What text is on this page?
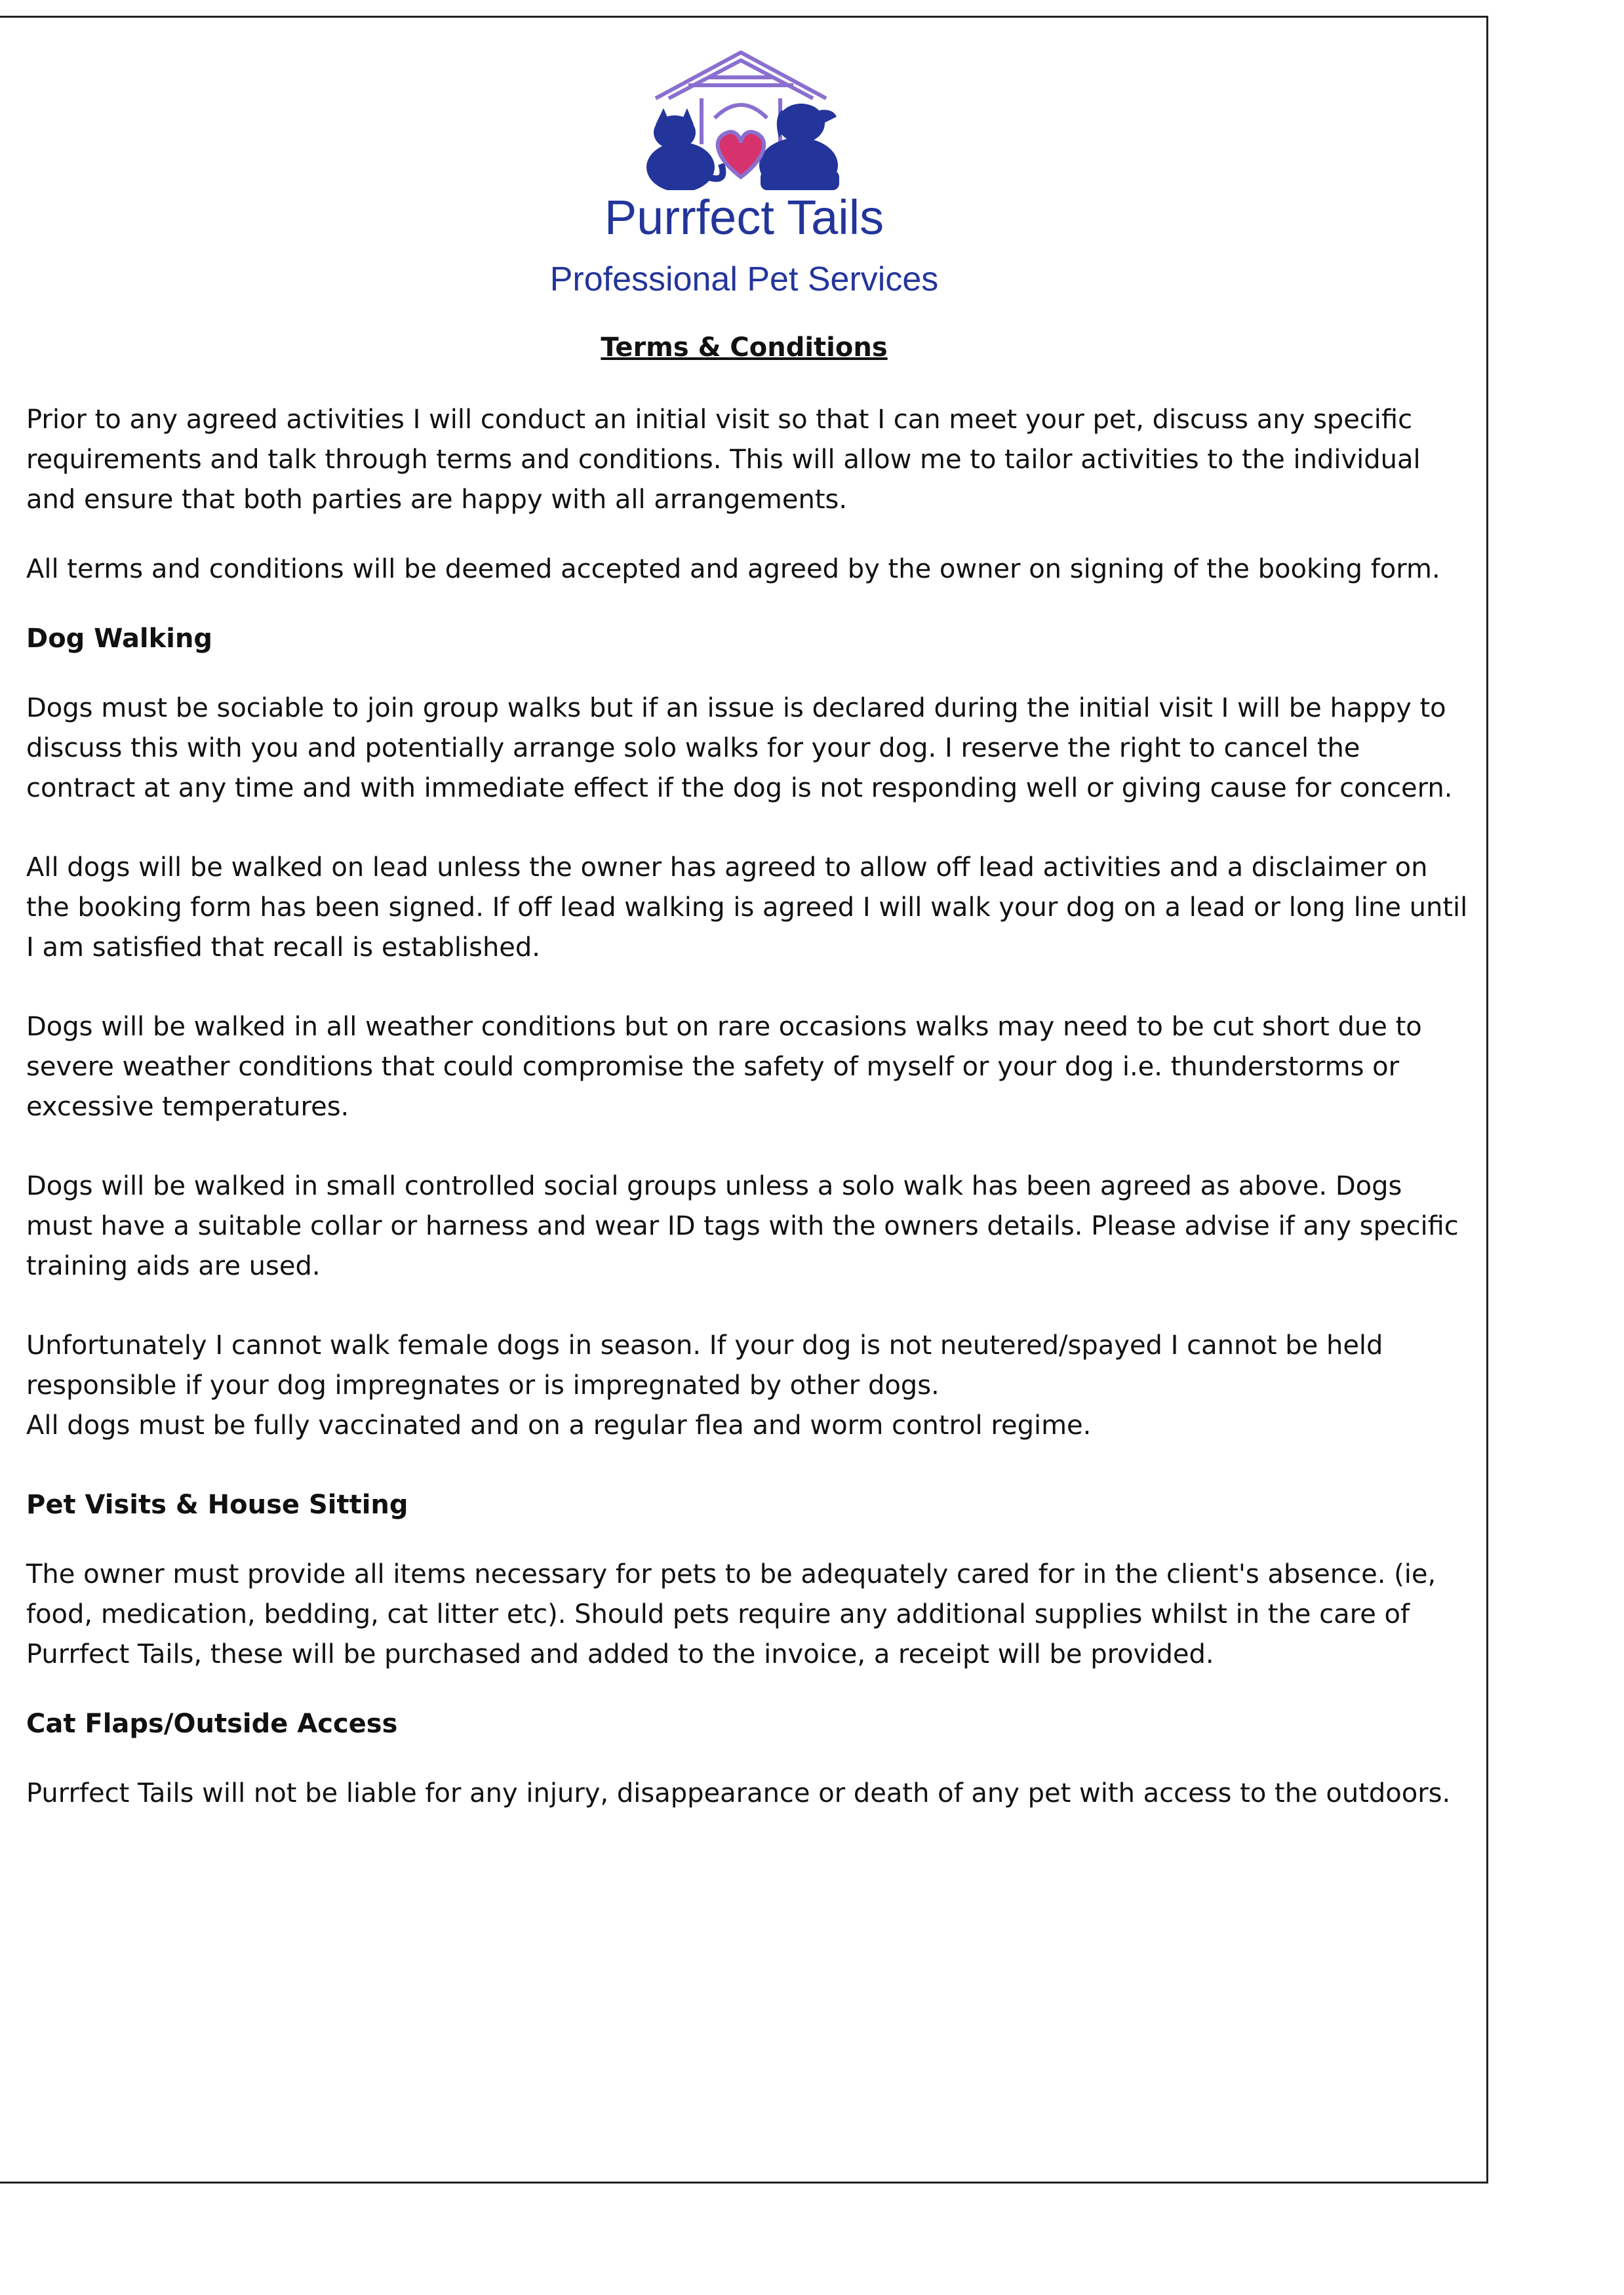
Purrfect Tails
Professional Pet Services
Terms & Conditions

Prior to any agreed activities I will conduct an initial visit so that I can meet your pet, discuss any specific requirements and talk through terms and conditions. This will allow me to tailor activities to the individual and ensure that both parties are happy with all arrangements.

All terms and conditions will be deemed accepted and agreed by the owner on signing of the booking form.

Dog Walking

Dogs must be sociable to join group walks but if an issue is declared during the initial visit I will be happy to discuss this with you and potentially arrange solo walks for your dog. I reserve the right to cancel the contract at any time and with immediate effect if the dog is not responding well or giving cause for concern.

All dogs will be walked on lead unless the owner has agreed to allow off lead activities and a disclaimer on the booking form has been signed. If off lead walking is agreed I will walk your dog on a lead or long line until I am satisfied that recall is established.

Dogs will be walked in all weather conditions but on rare occasions walks may need to be cut short due to severe weather conditions that could compromise the safety of myself or your dog i.e. thunderstorms or excessive temperatures.

Dogs will be walked in small controlled social groups unless a solo walk has been agreed as above. Dogs must have a suitable collar or harness and wear ID tags with the owners details. Please advise if any specific training aids are used.

Unfortunately I cannot walk female dogs in season. If your dog is not neutered/spayed I cannot be held responsible if your dog impregnates or is impregnated by other dogs.

All dogs must be fully vaccinated and on a regular flea and worm control regime.

Pet Visits & House Sitting

The owner must provide all items necessary for pets to be adequately cared for in the client's absence. (ie, food, medication, bedding, cat litter etc). Should pets require any additional supplies whilst in the care of Purrfect Tails, these will be purchased and added to the invoice, a receipt will be provided.

Cat Flaps/Outside Access

Purrfect Tails will not be liable for any injury, disappearance or death of any pet with access to the outdoors.
